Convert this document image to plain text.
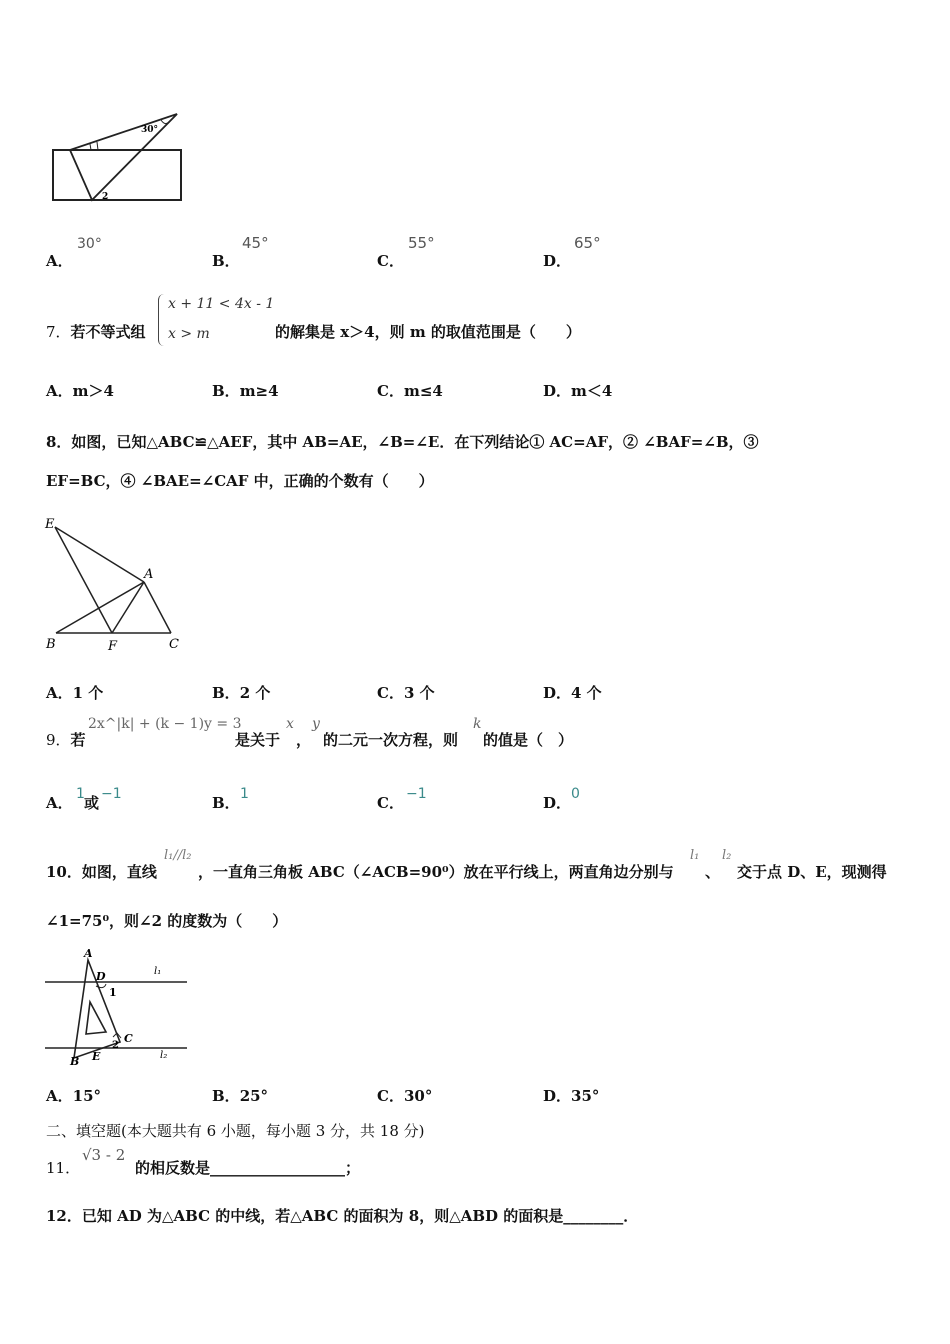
30°
2
A．
30°
B．
45°
C．
55°
D．
65°
7．若不等式组
x + 11 < 4x - 1
x > m	的解集是 x＞4，则 m 的取值范围是（　　）
A．m＞4	B．m≥4	C．m≤4	D．m＜4
8．如图，已知△ABC≌△AEF，其中 AB=AE，∠B=∠E．在下列结论① AC=AF，② ∠BAF=∠B，③
EF=BC，④ ∠BAE=∠CAF 中，正确的个数有（　　）
E
A
B	F	C
A．1 个	B．2 个	C．3 个	D．4 个
9．若
2x^|k| + (k − 1)y = 3
是关于
x
，
y
的二元一次方程，则
k
的值是（　）
A． 1 或 −1	B． 1	C． −1	D． 0
10．如图，直线
l₁//l₂
，一直角三角板 ABC（∠ACB=90⁰）放在平行线上，两直角边分别与
l₁
、
l₂
交于点 D、E，现测得
∠1=75⁰，则∠2 的度数为（　　）
A
D
1
l₁
C
2
B E	l₂
A．15°	B．25°	C．30°	D．35°
二、填空题(本大题共有 6 小题，每小题 3 分，共 18 分)
11．
√3 - 2
的相反数是__________________；
12．已知 AD 为△ABC 的中线，若△ABC 的面积为 8，则△ABD 的面积是________．
